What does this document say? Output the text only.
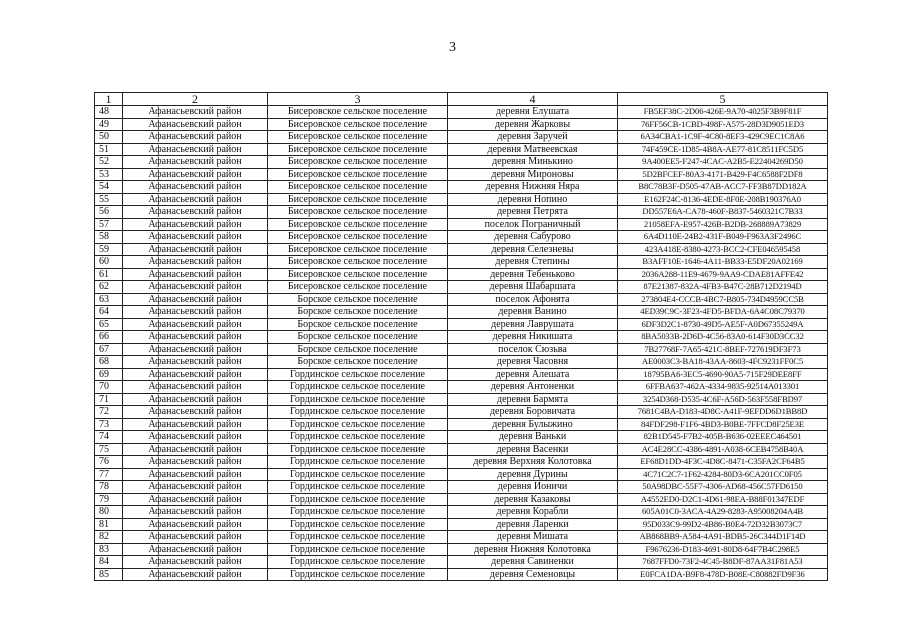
3
1	2	3	4	5
48	Афанасьевский район	Бисеровское сельское поселение	деревня Елушата	FB5EF38C-2D06-426E-9A70-4025F3B9F81F
49	Афанасьевский район	Бисеровское сельское поселение	деревня Жарковы	76FF56CB-1CBD-498F-A575-28D3D9051ED3
50	Афанасьевский район	Бисеровское сельское поселение	деревня Заручей	6A34CBA1-1C9F-4C80-8EF3-429C9EC1C8A6
51	Афанасьевский район	Бисеровское сельское поселение	деревня Матвеевская	74F459CE-1D85-4B8A-AE77-81C8511FC5D5
52	Афанасьевский район	Бисеровское сельское поселение	деревня Минькино	9A400EE5-F247-4CAC-A2B5-E22404269D50
53	Афанасьевский район	Бисеровское сельское поселение	деревня Мироновы	5D2BFCEF-80A3-4171-B429-F4C6588F2DF8
54	Афанасьевский район	Бисеровское сельское поселение	деревня Нижняя Няра	B8C78B3F-D505-47AB-ACC7-FF3B87DD182A
55	Афанасьевский район	Бисеровское сельское поселение	деревня Нопино	E162F24C-8136-4EDE-8F0E-208B190376A0
56	Афанасьевский район	Бисеровское сельское поселение	деревня Петрята	DD557E6A-CA78-460F-B837-5460321C7B33
57	Афанасьевский район	Бисеровское сельское поселение	поселок Пограничный	21058EFA-E957-426B-B2DB-268889A73829
58	Афанасьевский район	Бисеровское сельское поселение	деревня Сабурово	6A4D110E-24B2-431F-B049-F963A3F2496C
59	Афанасьевский район	Бисеровское сельское поселение	деревня Селезневы	423A418E-8380-4273-BCC2-CFE046595458
60	Афанасьевский район	Бисеровское сельское поселение	деревня Степины	B3AFF10E-1646-4A11-BB33-E5DF20A02169
61	Афанасьевский район	Бисеровское сельское поселение	деревня Тебеньково	2036A288-11E9-4679-9AA9-CDAE81AFFE42
62	Афанасьевский район	Бисеровское сельское поселение	деревня Шабаршата	87E21387-832A-4FB3-B47C-28B712D2194D
63	Афанасьевский район	Борское сельское поселение	поселок Афонята	273804E4-CCCB-4BC7-B805-734D4959CC5B
64	Афанасьевский район	Борское сельское поселение	деревня Ванино	4ED39C9C-3F23-4FD5-BFDA-6A4C08C79370
65	Афанасьевский район	Борское сельское поселение	деревня Лаврушата	6DF3D2C1-8730-49D5-AE5F-A0D67355249A
66	Афанасьевский район	Борское сельское поселение	деревня Никишата	8BA5033B-2D6D-4C56-83A0-614F30D3CC32
67	Афанасьевский район	Борское сельское поселение	поселок Сюзьва	7B27768F-7A65-421C-8BEF-727619DF3F73
68	Афанасьевский район	Борское сельское поселение	деревня Часовня	AE0003C3-BA18-43AA-8603-4FC9231FF0C5
69	Афанасьевский район	Гординское сельское поселение	деревня Алешата	18795BA6-3EC5-4690-90A5-715F29DEE8FF
70	Афанасьевский район	Гординское сельское поселение	деревня Антоненки	6FFBA637-462A-4334-9835-92514A013301
71	Афанасьевский район	Гординское сельское поселение	деревня Бармята	3254D368-D535-4C6F-A56D-563F558FBD97
72	Афанасьевский район	Гординское сельское поселение	деревня Боровичата	7681C4BA-D183-4D8C-A41F-9EFDD6D1BB8D
73	Афанасьевский район	Гординское сельское поселение	деревня Булыжино	84FDF298-F1F6-4BD3-B0BE-7FFCD8F25E3E
74	Афанасьевский район	Гординское сельское поселение	деревня Ваньки	82B1D545-F7B2-405B-B636-02EEEC464501
75	Афанасьевский район	Гординское сельское поселение	деревня Васенки	AC4E28CC-4386-4891-A038-6CEB4758B40A
76	Афанасьевский район	Гординское сельское поселение	деревня Верхняя Колотовка	EF68D1DD-4F3C-4D8C-8471-C35FA2CF64B5
77	Афанасьевский район	Гординское сельское поселение	деревня Дурины	4C71C2C7-1F62-4284-80D3-6CA201CC0F05
78	Афанасьевский район	Гординское сельское поселение	деревня Ионичи	50A98DBC-55F7-4306-AD68-456C57FD6150
79	Афанасьевский район	Гординское сельское поселение	деревня Казаковы	A4552ED0-D2C1-4D61-98EA-B88F01347EDF
80	Афанасьевский район	Гординское сельское поселение	деревня Корабли	605A01C0-3ACA-4A29-8283-A95008204A4B
81	Афанасьевский район	Гординское сельское поселение	деревня Ларенки	95D033C9-99D2-4B86-B0E4-72D32B3073C7
82	Афанасьевский район	Гординское сельское поселение	деревня Мишата	AB868BB9-A584-4A91-BDB5-26C344D1F14D
83	Афанасьевский район	Гординское сельское поселение	деревня Нижняя Колотовка	F9676236-D183-4691-80D8-64F7B4C298E5
84	Афанасьевский район	Гординское сельское поселение	деревня Савиненки	7687FFD0-73F2-4C45-B8DF-87AA31F81A53
85	Афанасьевский район	Гординское сельское поселение	деревня Семеновцы	E0FCA1DA-B9F8-478D-B08E-C80882FD9F36
